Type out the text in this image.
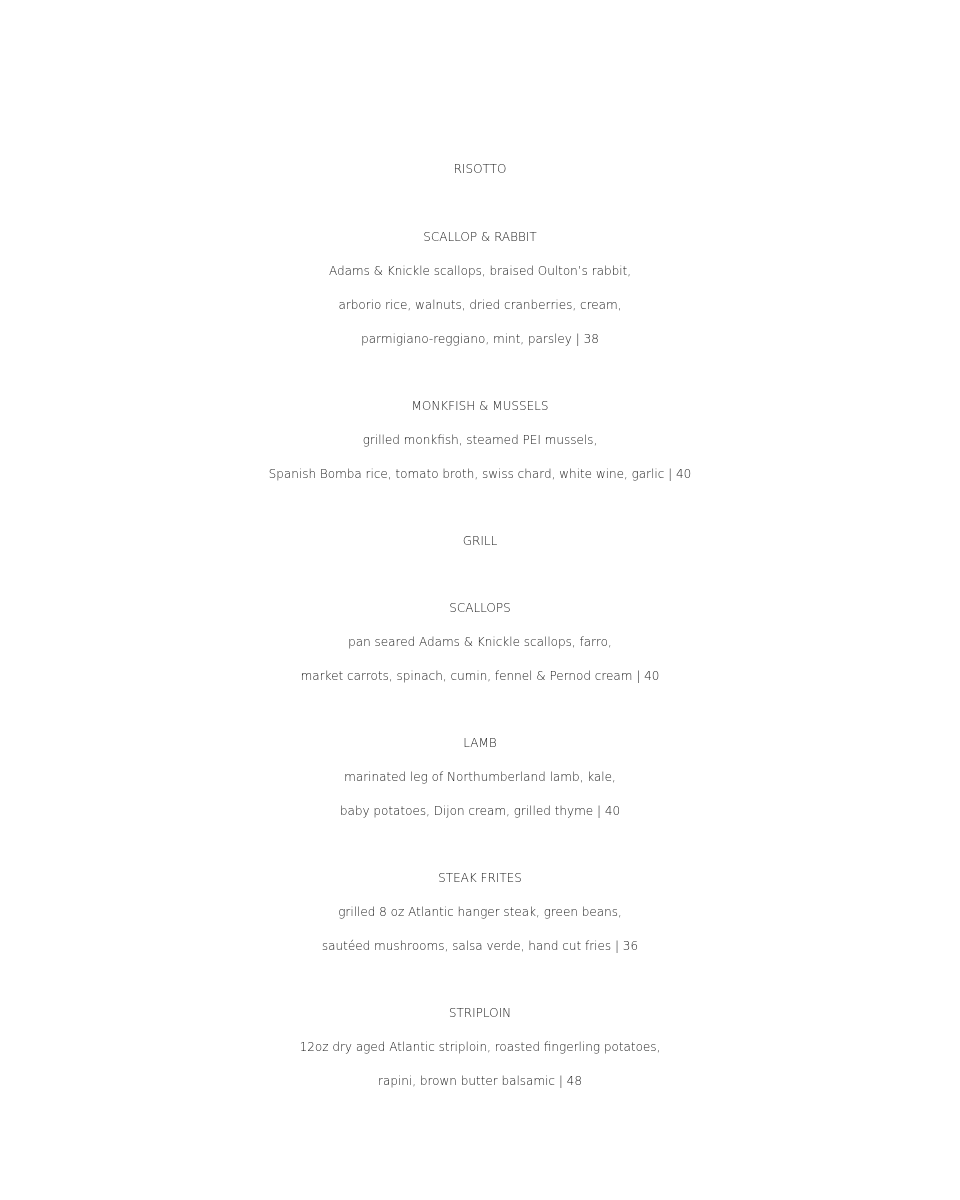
RISOTTO
SCALLOP & RABBIT
Adams & Knickle scallops, braised Oulton’s rabbit,
arborio rice, walnuts, dried cranberries, cream,
parmigiano-reggiano, mint, parsley | 38
MONKFISH & MUSSELS
grilled monkfish, steamed PEI mussels,
Spanish Bomba rice, tomato broth, swiss chard, white wine, garlic | 40
GRILL
SCALLOPS
pan seared Adams & Knickle scallops, farro,
market carrots, spinach, cumin, fennel & Pernod cream | 40
LAMB
marinated leg of Northumberland lamb, kale,
baby potatoes, Dijon cream, grilled thyme | 40
STEAK FRITES
grilled 8 oz Atlantic hanger steak, green beans,
sautéed mushrooms, salsa verde, hand cut fries | 36
STRIPLOIN
12oz dry aged Atlantic striploin, roasted fingerling potatoes,
rapini, brown butter balsamic | 48
